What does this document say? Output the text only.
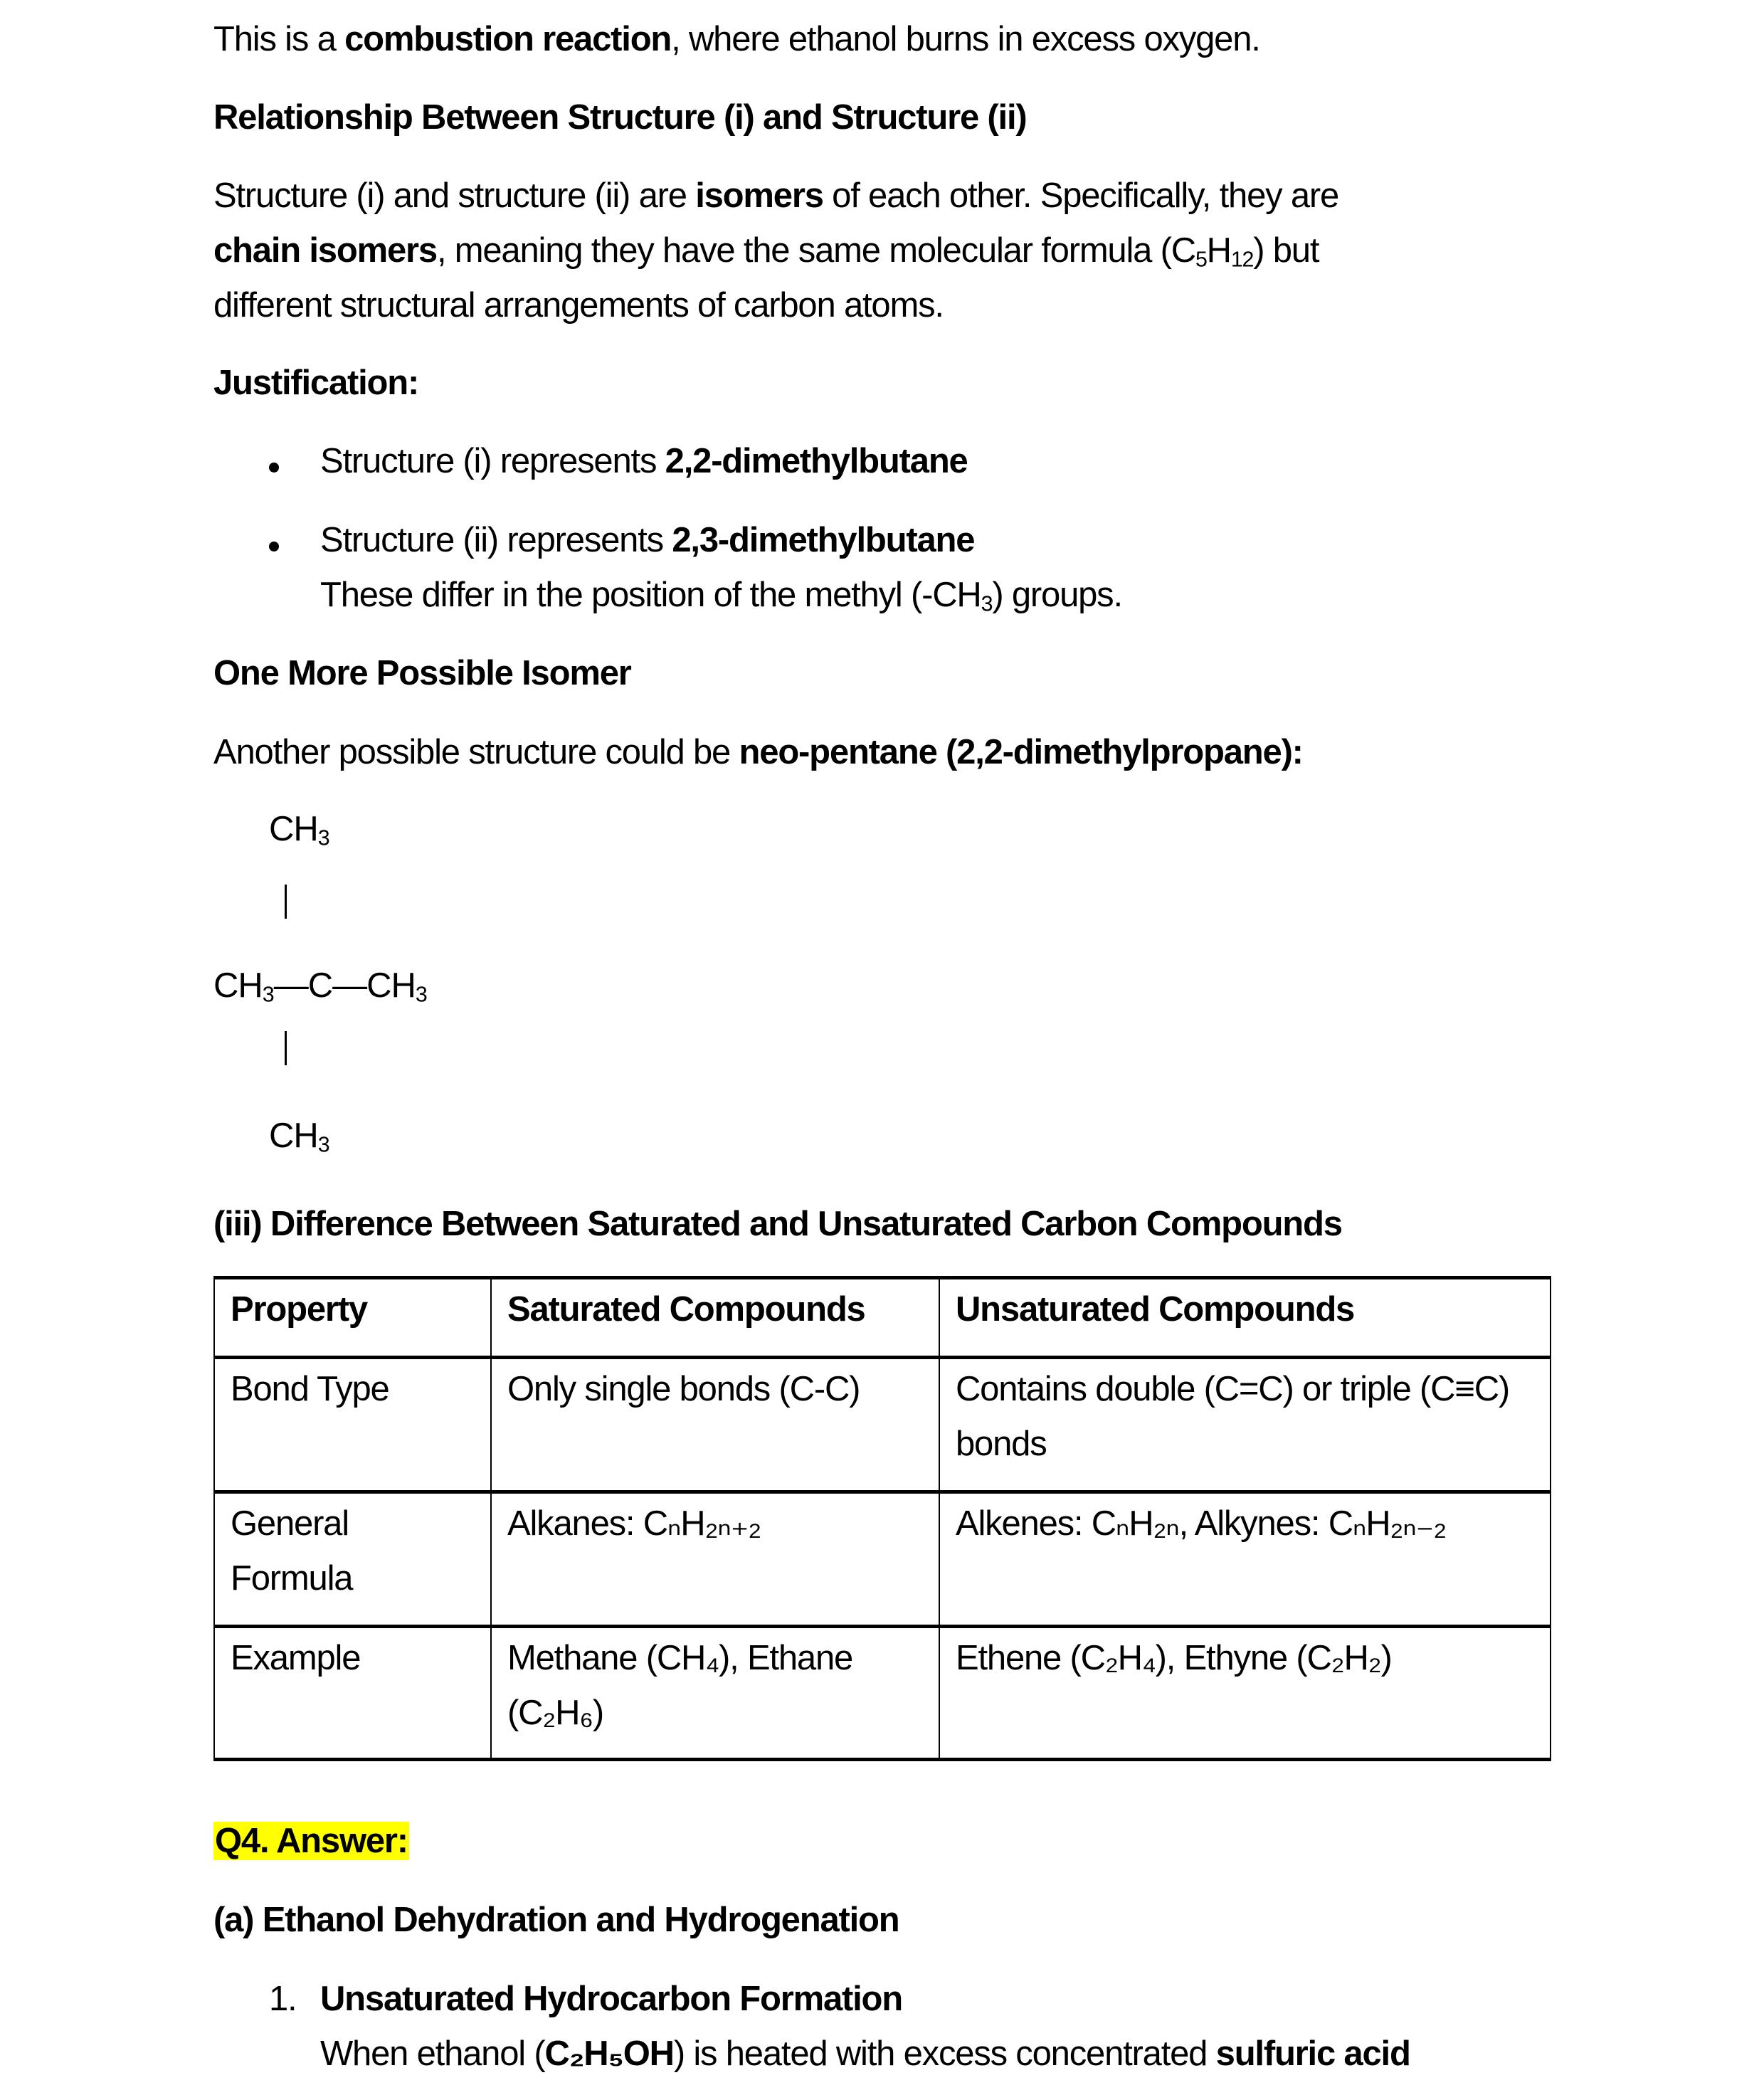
This is a combustion reaction, where ethanol burns in excess oxygen.
Relationship Between Structure (i) and Structure (ii)
Structure (i) and structure (ii) are isomers of each other. Specifically, they are
chain isomers, meaning they have the same molecular formula $(C_5H_{12})$ but
different structural arrangements of carbon atoms.
Justification:
Structure (i) represents 2,2-dimethylbutane
Structure (ii) represents 2,3-dimethylbutane
These differ in the position of the methyl $(-CH_3)$ groups.
One More Possible Isomer
Another possible structure could be neo-pentane (2,2-dimethylpropane):
$CH_3$
$CH_3—C—CH_3$
$CH_3$
(iii) Difference Between Saturated and Unsaturated Carbon Compounds
Property	Saturated Compounds	Unsaturated Compounds
Bond Type	Only single bonds (C-C)	Contains double (C=C) or triple (C≡C) bonds
General Formula	Alkanes: CₙH₂ₙ₊₂	Alkenes: CₙH₂ₙ, Alkynes: CₙH₂ₙ₋₂
Example	Methane (CH₄), Ethane (C₂H₆)	Ethene (C₂H₄), Ethyne (C₂H₂)
Q4. Answer:
(a) Ethanol Dehydration and Hydrogenation
1. Unsaturated Hydrocarbon Formation
When ethanol (C₂H₅OH) is heated with excess concentrated sulfuric acid
